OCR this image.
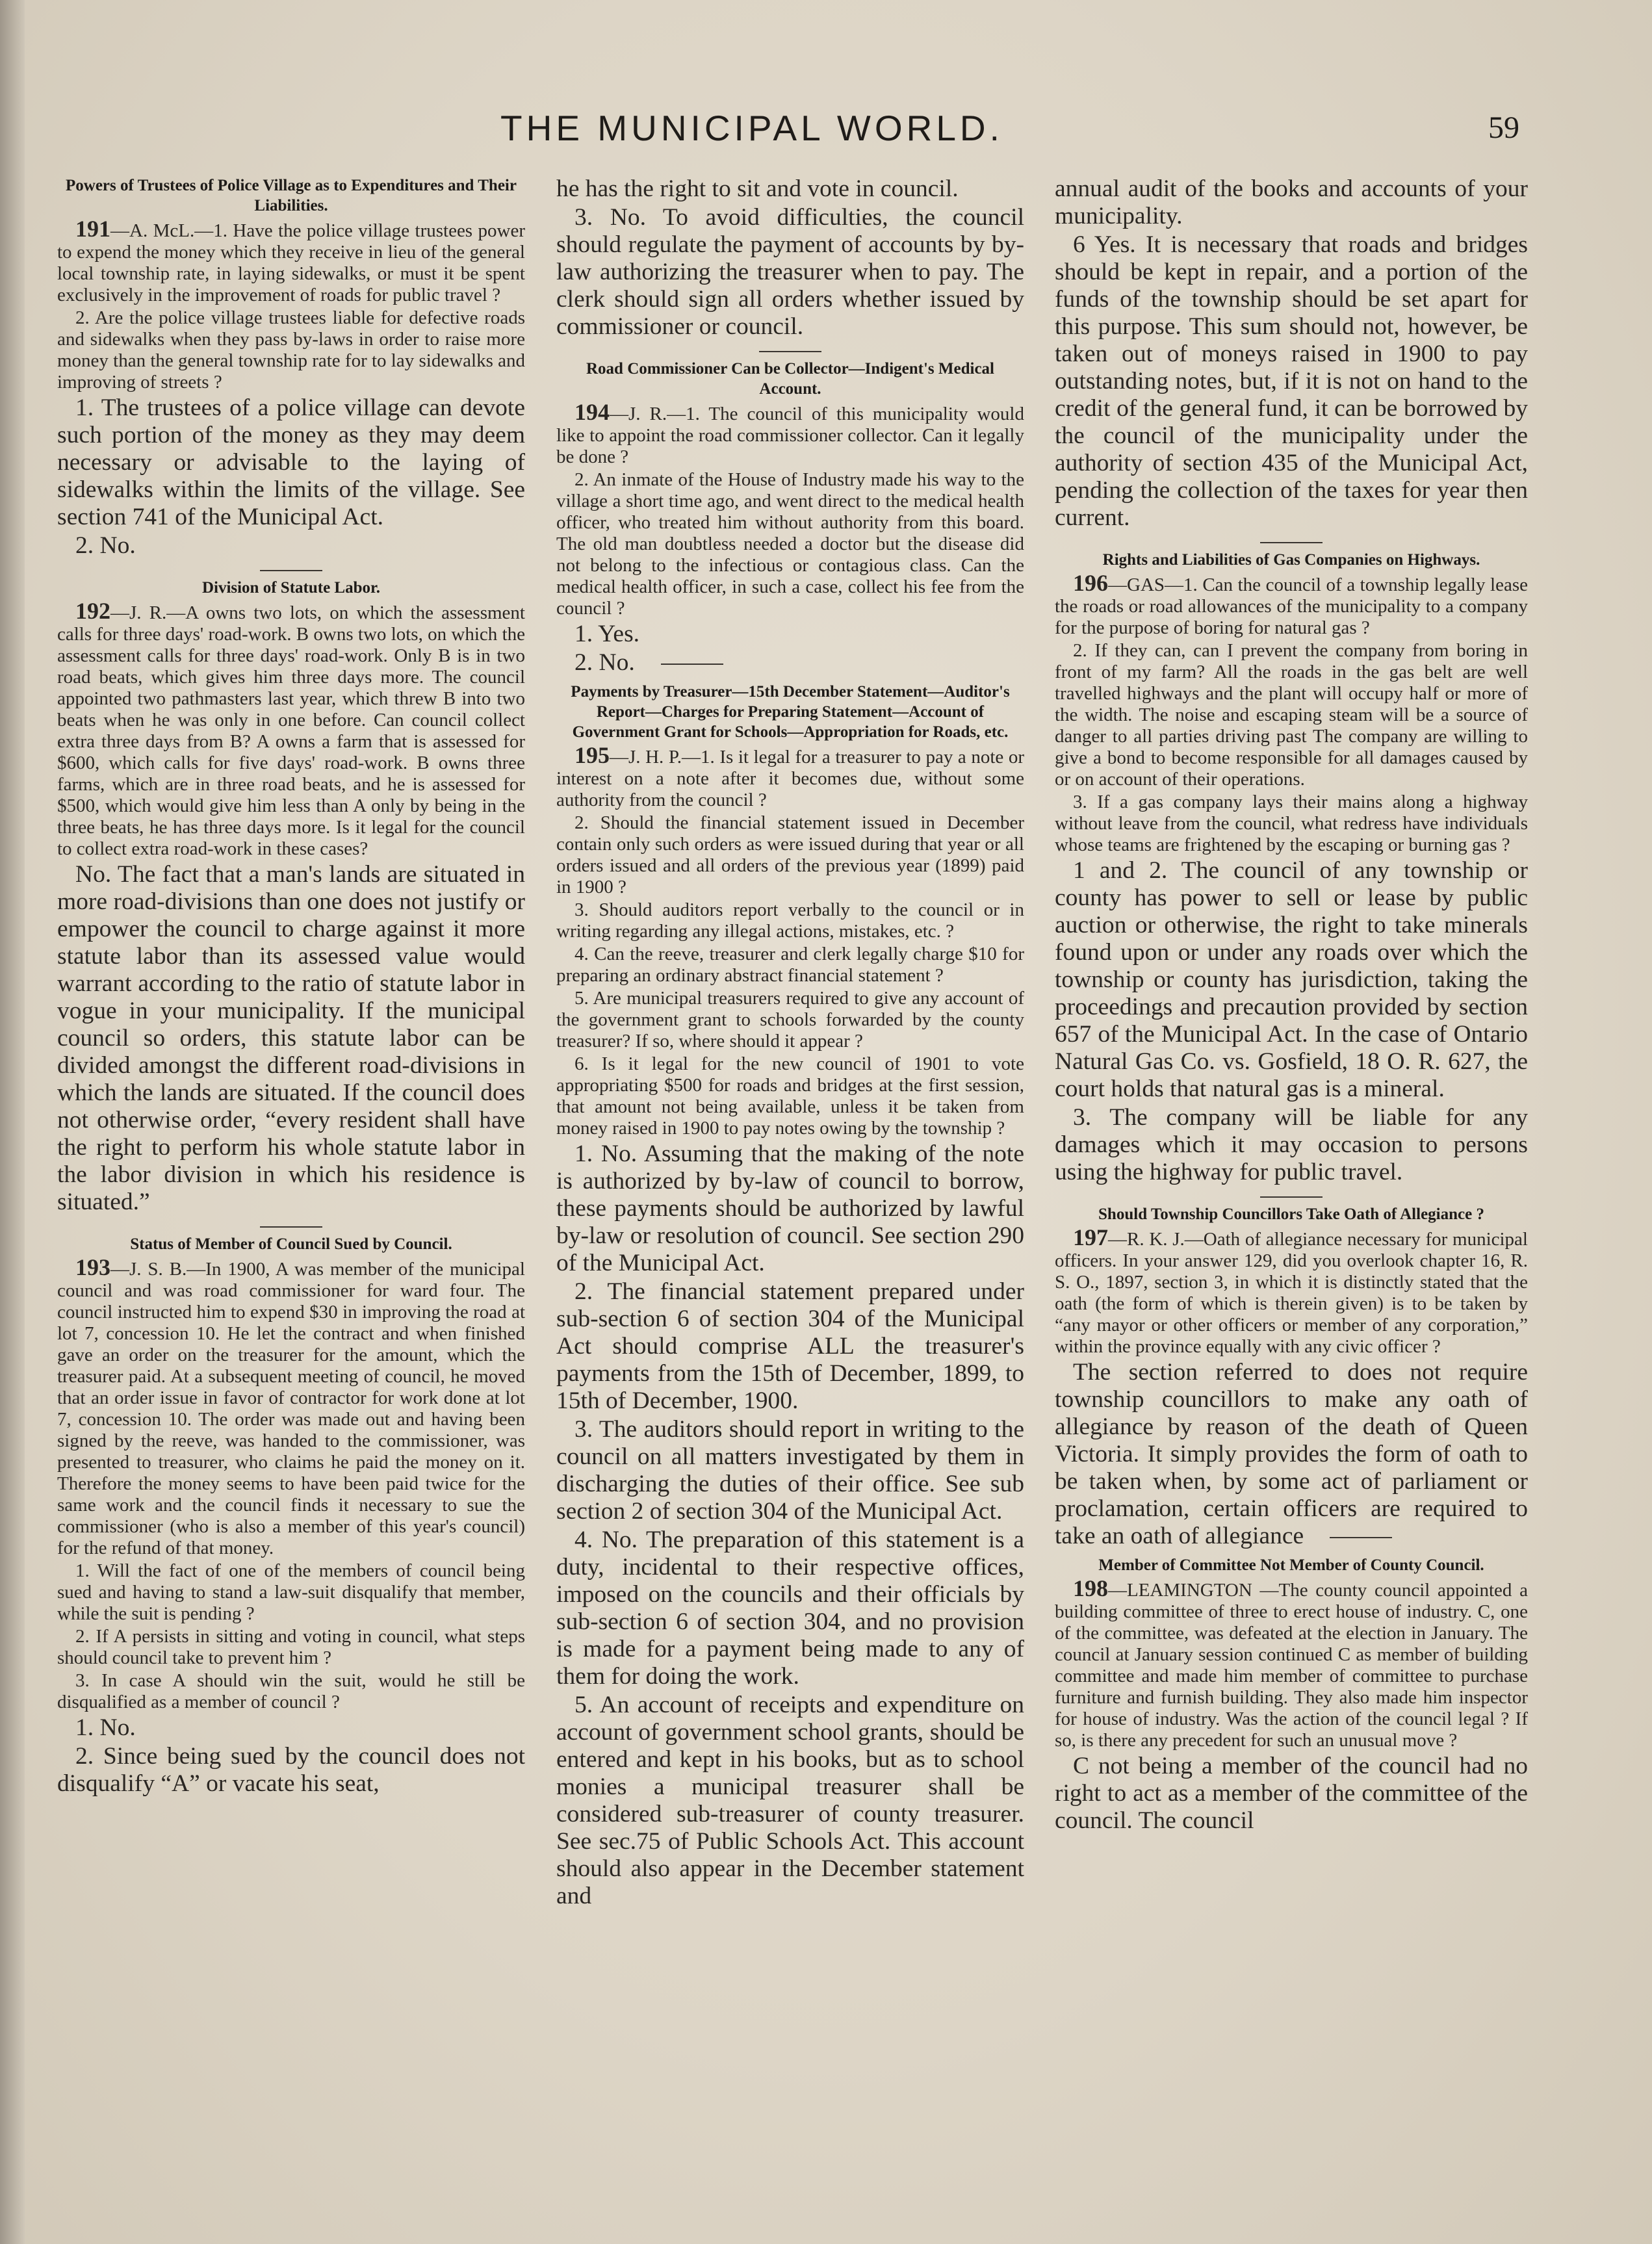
THE MUNICIPAL WORLD.	59
Powers of Trustees of Police Village as to Expenditures and Their Liabilities.

191—A. McL.—1. Have the police village trustees power to expend the money which they receive in lieu of the general local township rate, in laying sidewalks, or must it be spent exclusively in the improvement of roads for public travel ?

2. Are the police village trustees liable for defective roads and sidewalks when they pass by-laws in order to raise more money than the general township rate for to lay sidewalks and improving of streets ?

1. The trustees of a police village can devote such portion of the money as they may deem necessary or advisable to the laying of sidewalks within the limits of the village. See section 741 of the Municipal Act.

2. No.

Division of Statute Labor.

192—J. R.—A owns two lots, on which the assessment calls for three days' road-work. B owns two lots, on which the assessment calls for three days' road-work. Only B is in two road beats, which gives him three days more. The council appointed two pathmasters last year, which threw B into two beats when he was only in one before. Can council collect extra three days from B? A owns a farm that is assessed for $600, which calls for five days' road-work. B owns three farms, which are in three road beats, and he is assessed for $500, which would give him less than A only by being in the three beats, he has three days more. Is it legal for the council to collect extra road-work in these cases?

No. The fact that a man's lands are situated in more road-divisions than one does not justify or empower the council to charge against it more statute labor than its assessed value would warrant according to the ratio of statute labor in vogue in your municipality. If the municipal council so orders, this statute labor can be divided amongst the different road-divisions in which the lands are situated. If the council does not otherwise order, “every resident shall have the right to perform his whole statute labor in the labor division in which his residence is situated.”

Status of Member of Council Sued by Council.

193—J. S. B.—In 1900, A was member of the municipal council and was road commissioner for ward four. The council instructed him to expend $30 in improving the road at lot 7, concession 10. He let the contract and when finished gave an order on the treasurer for the amount, which the treasurer paid. At a subsequent meeting of council, he moved that an order issue in favor of contractor for work done at lot 7, concession 10. The order was made out and having been signed by the reeve, was handed to the commissioner, was presented to treasurer, who claims he paid the money on it. Therefore the money seems to have been paid twice for the same work and the council finds it necessary to sue the commissioner (who is also a member of this year's council) for the refund of that money.

1. Will the fact of one of the members of council being sued and having to stand a law-suit disqualify that member, while the suit is pending ?

2. If A persists in sitting and voting in council, what steps should council take to prevent him ?

3. In case A should win the suit, would he still be disqualified as a member of council ?

1. No.

2. Since being sued by the council does not disqualify “A” or vacate his seat,

he has the right to sit and vote in council.

3. No. To avoid difficulties, the council should regulate the payment of accounts by by-law authorizing the treasurer when to pay. The clerk should sign all orders whether issued by commissioner or council.

Road Commissioner Can be Collector—Indigent's Medical Account.

194—J. R.—1. The council of this municipality would like to appoint the road commissioner collector. Can it legally be done ?

2. An inmate of the House of Industry made his way to the village a short time ago, and went direct to the medical health officer, who treated him without authority from this board. The old man doubtless needed a doctor but the disease did not belong to the infectious or contagious class. Can the medical health officer, in such a case, collect his fee from the council ?

1. Yes.

2. No.

Payments by Treasurer—15th December Statement—Auditor's Report—Charges for Preparing Statement—Account of Government Grant for Schools—Appropriation for Roads, etc.

195—J. H. P.—1. Is it legal for a treasurer to pay a note or interest on a note after it becomes due, without some authority from the council ?

2. Should the financial statement issued in December contain only such orders as were issued during that year or all orders issued and all orders of the previous year (1899) paid in 1900 ?

3. Should auditors report verbally to the council or in writing regarding any illegal actions, mistakes, etc. ?

4. Can the reeve, treasurer and clerk legally charge $10 for preparing an ordinary abstract financial statement ?

5. Are municipal treasurers required to give any account of the government grant to schools forwarded by the county treasurer? If so, where should it appear ?

6. Is it legal for the new council of 1901 to vote appropriating $500 for roads and bridges at the first session, that amount not being available, unless it be taken from money raised in 1900 to pay notes owing by the township ?

1. No. Assuming that the making of the note is authorized by by-law of council to borrow, these payments should be authorized by lawful by-law or resolution of council. See section 290 of the Municipal Act.

2. The financial statement prepared under sub-section 6 of section 304 of the Municipal Act should comprise ALL the treasurer's payments from the 15th of December, 1899, to 15th of December, 1900.

3. The auditors should report in writing to the council on all matters investigated by them in discharging the duties of their office. See sub section 2 of section 304 of the Municipal Act.

4. No. The preparation of this statement is a duty, incidental to their respective offices, imposed on the councils and their officials by sub-section 6 of section 304, and no provision is made for a payment being made to any of them for doing the work.

5. An account of receipts and expenditure on account of government school grants, should be entered and kept in his books, but as to school monies a municipal treasurer shall be considered sub-treasurer of county treasurer. See sec.75 of Public Schools Act. This account should also appear in the December statement and

annual audit of the books and accounts of your municipality.

6 Yes. It is necessary that roads and bridges should be kept in repair, and a portion of the funds of the township should be set apart for this purpose. This sum should not, however, be taken out of moneys raised in 1900 to pay outstanding notes, but, if it is not on hand to the credit of the general fund, it can be borrowed by the council of the municipality under the authority of section 435 of the Municipal Act, pending the collection of the taxes for year then current.

Rights and Liabilities of Gas Companies on Highways.

196—GAS—1. Can the council of a township legally lease the roads or road allowances of the municipality to a company for the purpose of boring for natural gas ?

2. If they can, can I prevent the company from boring in front of my farm? All the roads in the gas belt are well travelled highways and the plant will occupy half or more of the width. The noise and escaping steam will be a source of danger to all parties driving past The company are willing to give a bond to become responsible for all damages caused by or on account of their operations.

3. If a gas company lays their mains along a highway without leave from the council, what redress have individuals whose teams are frightened by the escaping or burning gas ?

1 and 2. The council of any township or county has power to sell or lease by public auction or otherwise, the right to take minerals found upon or under any roads over which the township or county has jurisdiction, taking the proceedings and precaution provided by section 657 of the Municipal Act. In the case of Ontario Natural Gas Co. vs. Gosfield, 18 O. R. 627, the court holds that natural gas is a mineral.

3. The company will be liable for any damages which it may occasion to persons using the highway for public travel.

Should Township Councillors Take Oath of Allegiance ?

197—R. K. J.—Oath of allegiance necessary for municipal officers. In your answer 129, did you overlook chapter 16, R. S. O., 1897, section 3, in which it is distinctly stated that the oath (the form of which is therein given) is to be taken by “any mayor or other officers or member of any corporation,” within the province equally with any civic officer ?

The section referred to does not require township councillors to make any oath of allegiance by reason of the death of Queen Victoria. It simply provides the form of oath to be taken when, by some act of parliament or proclamation, certain officers are required to take an oath of allegiance

Member of Committee Not Member of County Council.

198—LEAMINGTON —The county council appointed a building committee of three to erect house of industry. C, one of the committee, was defeated at the election in January. The council at January session continued C as member of building committee and made him member of committee to purchase furniture and furnish building. They also made him inspector for house of industry. Was the action of the council legal ? If so, is there any precedent for such an unusual move ?

C not being a member of the council had no right to act as a member of the committee of the council. The council
